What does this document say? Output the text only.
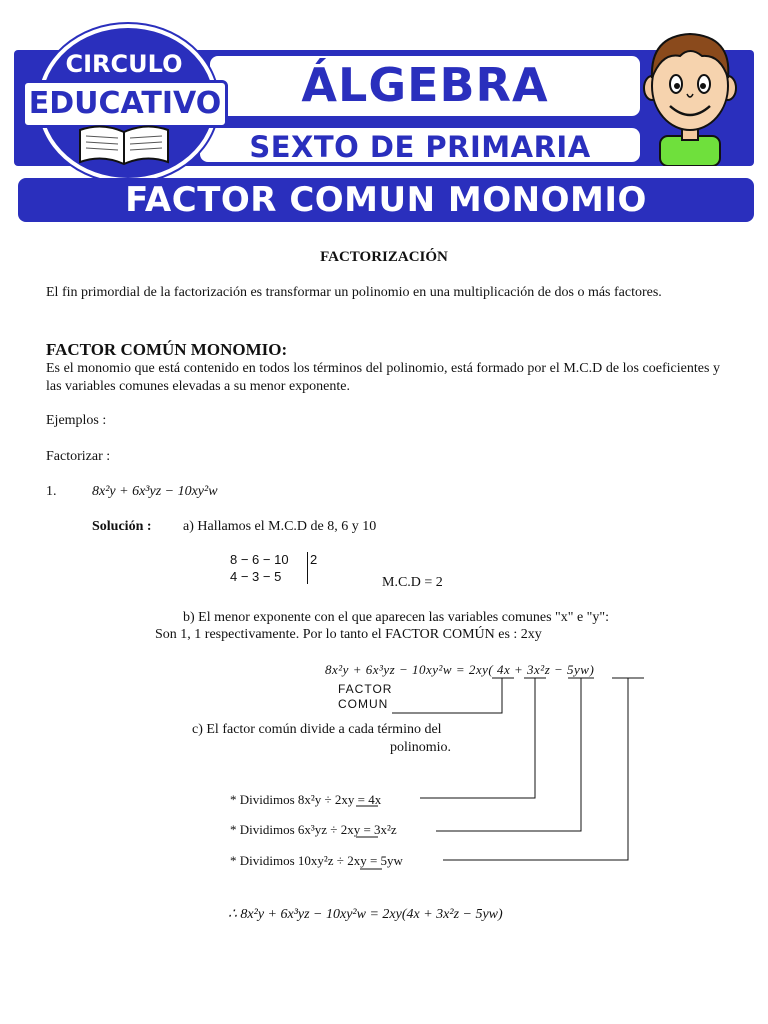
ÁLGEBRA
SEXTO DE PRIMARIA
CIRCULO
EDUCATIVO
FACTOR COMUN MONOMIO
FACTORIZACIÓN
El fin primordial de la factorización es transformar un polinomio en una multiplicación de dos o más factores.
FACTOR COMÚN MONOMIO:
Es el monomio que está contenido en todos los términos del polinomio, está formado por el M.C.D de los coeficientes y las variables comunes elevadas a su menor exponente.
Ejemplos :
Factorizar :
1.	8x²y + 6x³yz − 10xy²w
Solución : a) Hallamos el M.C.D de 8, 6 y 10
8 − 6 − 10 2
4 − 3 − 5	M.C.D = 2
b) El menor exponente con el que aparecen las variables comunes "x" e "y":
Son 1, 1 respectivamente. Por lo tanto el FACTOR COMÚN es : 2xy
8x²y + 6x³yz − 10xy²w = 2xy( 4x + 3x²z − 5yw)
FACTOR
COMUN
c) El factor común divide a cada término del
polinomio.
* Dividimos 8x²y ÷ 2xy = 4x
* Dividimos 6x³yz ÷ 2xy = 3x²z
* Dividimos 10xy²z ÷ 2xy = 5yw
∴ 8x²y + 6x³yz − 10xy²w = 2xy(4x + 3x²z − 5yw)
